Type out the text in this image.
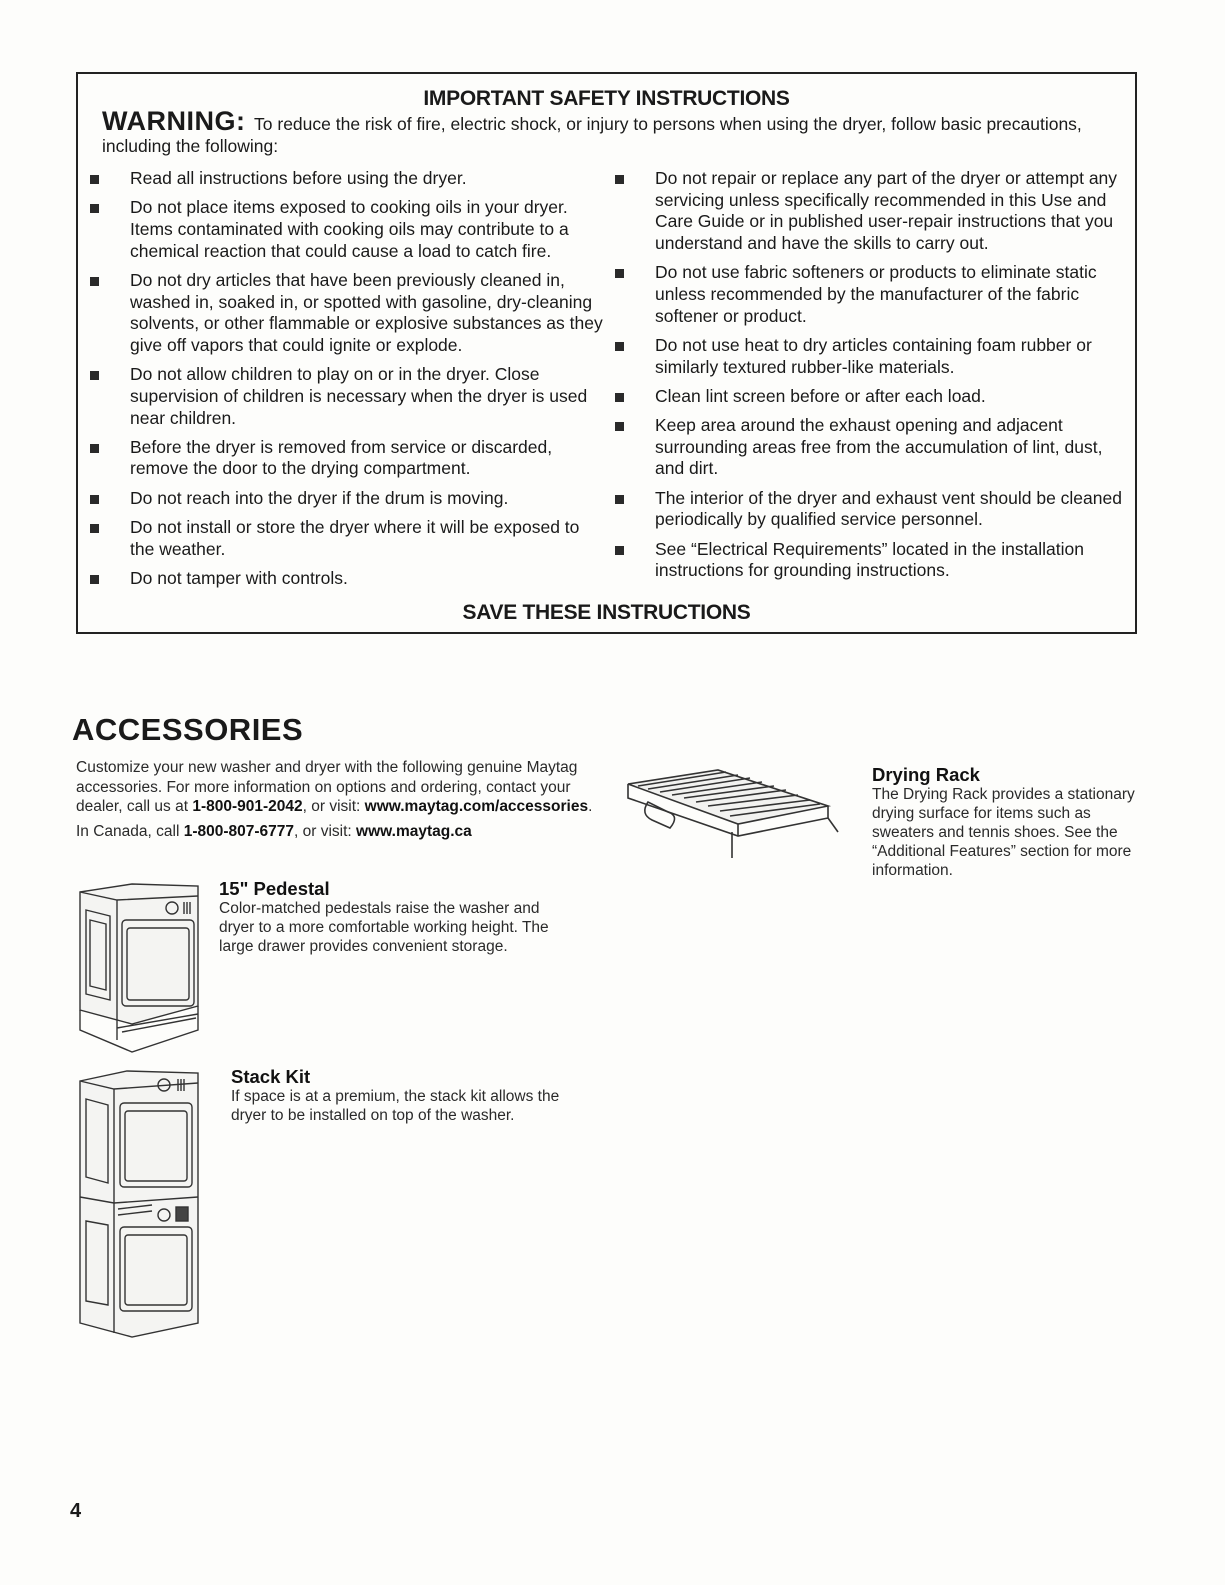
IMPORTANT SAFETY INSTRUCTIONS
WARNING: To reduce the risk of fire, electric shock, or injury to persons when using the dryer, follow basic precautions, including the following:
Read all instructions before using the dryer.
Do not place items exposed to cooking oils in your dryer. Items contaminated with cooking oils may contribute to a chemical reaction that could cause a load to catch fire.
Do not dry articles that have been previously cleaned in, washed in, soaked in, or spotted with gasoline, dry-cleaning solvents, or other flammable or explosive substances as they give off vapors that could ignite or explode.
Do not allow children to play on or in the dryer. Close supervision of children is necessary when the dryer is used near children.
Before the dryer is removed from service or discarded, remove the door to the drying compartment.
Do not reach into the dryer if the drum is moving.
Do not install or store the dryer where it will be exposed to the weather.
Do not tamper with controls.
Do not repair or replace any part of the dryer or attempt any servicing unless specifically recommended in this Use and Care Guide or in published user-repair instructions that you understand and have the skills to carry out.
Do not use fabric softeners or products to eliminate static unless recommended by the manufacturer of the fabric softener or product.
Do not use heat to dry articles containing foam rubber or similarly textured rubber-like materials.
Clean lint screen before or after each load.
Keep area around the exhaust opening and adjacent surrounding areas free from the accumulation of lint, dust, and dirt.
The interior of the dryer and exhaust vent should be cleaned periodically by qualified service personnel.
See “Electrical Requirements” located in the installation instructions for grounding instructions.
SAVE THESE INSTRUCTIONS
ACCESSORIES

Customize your new washer and dryer with the following genuine Maytag accessories. For more information on options and ordering, contact your dealer, call us at 1-800-901-2042, or visit: www.maytag.com/accessories.

In Canada, call 1-800-807-6777, or visit: www.maytag.ca

15" Pedestal
Color-matched pedestals raise the washer and dryer to a more comfortable working height. The large drawer provides convenient storage.
Stack Kit
If space is at a premium, the stack kit allows the dryer to be installed on top of the washer.
Drying Rack
The Drying Rack provides a stationary drying surface for items such as sweaters and tennis shoes. See the “Additional Features” section for more information.
4
